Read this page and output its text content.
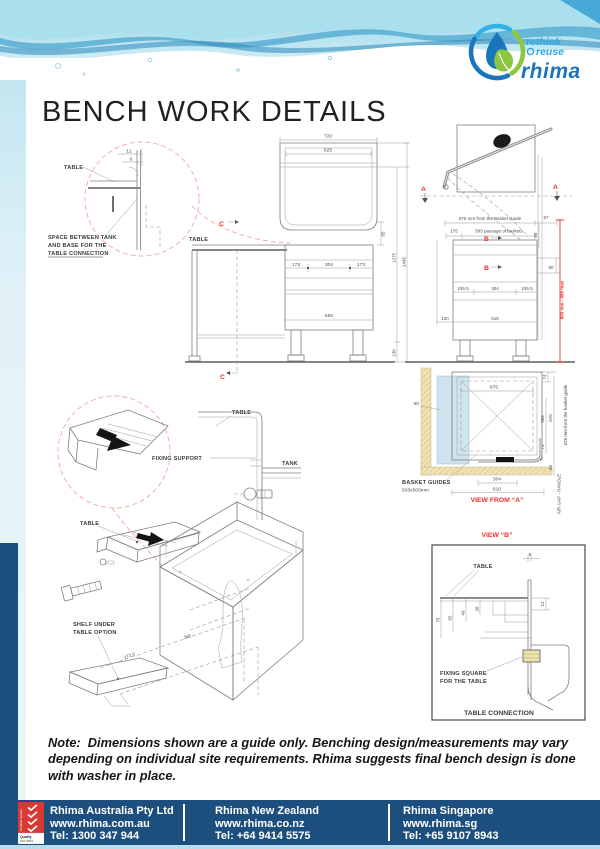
rethink
reuse
rhima
BENCH WORK DETAILS
TABLE
12
6
SPACE BETWEEN TANK
AND BASE FOR THE
TABLE CONNECTION
C
720
625
65
TABLE
173	304	173
650
C
1275
130
1445
A	A
675 mm from the Basket Guide	57
175	503 passage of baskets
B
65
B	80
155.5	304	155.5
120	615	850 min - 900 max
675
50
74
304 576
74
50
626 mm from the basket guide
AIR GAP - HANDLE
304
610
BASKET GUIDES
503x503mm
VIEW FROM “A”
TABLE
FIXING SUPPORT
TANK
TABLE
SHELF UNDER
TABLE OPTION
172.5
265
VIEW “B”
TABLE
6
12
28
49
65
75
FIXING SQUARE
FOR THE TABLE
TABLE CONNECTION
Note:  Dimensions shown are a guide only. Benching design/measurements may vary depending on individual site requirements. Rhima suggests final bench design is done with washer in place.
Certified System
Quality
ISO 9001
Rhima Australia Pty Ltd
www.rhima.com.au
Tel: 1300 347 944
Rhima New Zealand
www.rhima.co.nz
Tel: +64 9414 5575
Rhima Singapore
www.rhima.sg
Tel: +65 9107 8943
